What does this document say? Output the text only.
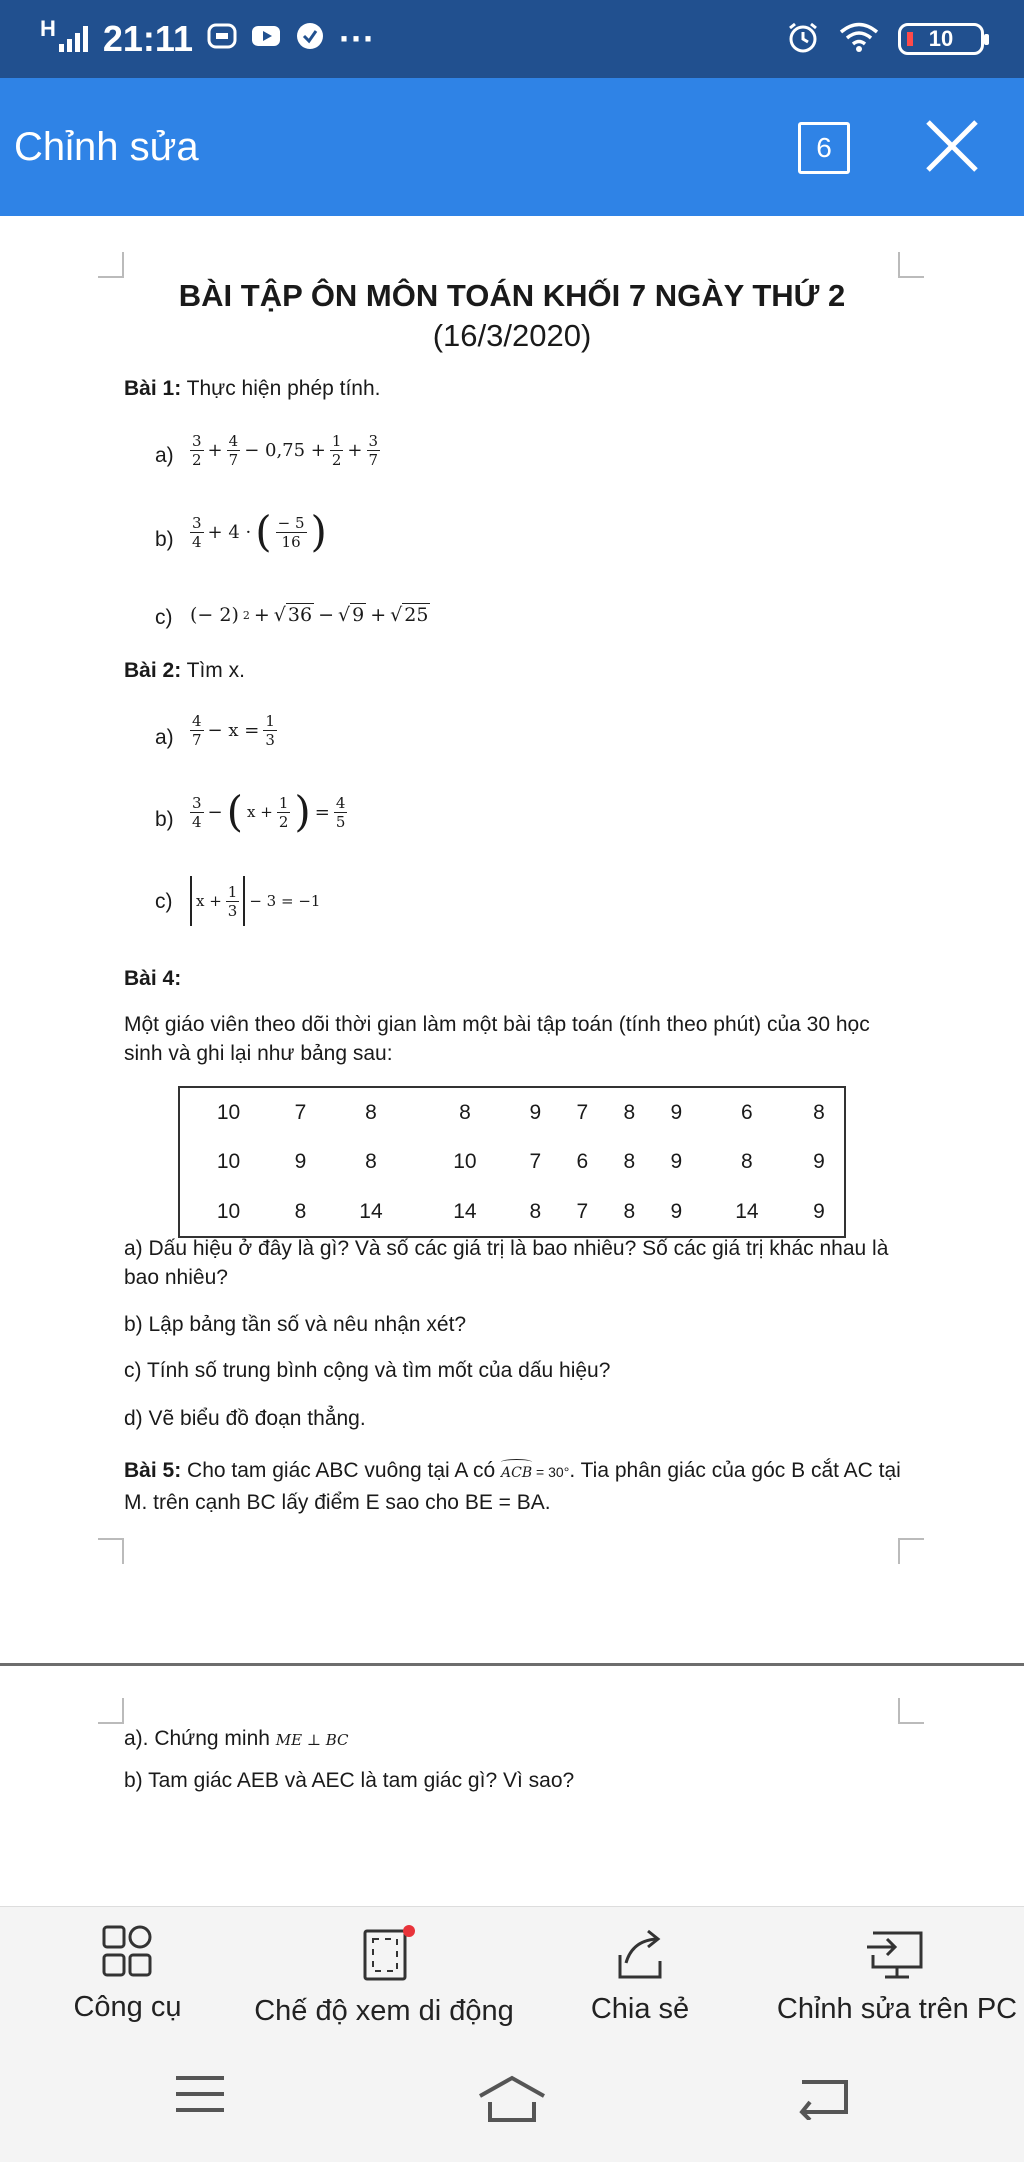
H 21:11	···	10
Chỉnh sửa	6
BÀI TẬP ÔN MÔN TOÁN KHỐI 7 NGÀY THỨ 2
(16/3/2020)
Bài 1: Thực hiện phép tính.
$a) \frac{3}{2} + \frac{4}{7} - 0,75 + \frac{1}{2} + \frac{3}{7}$
$b) \frac{3}{4} + 4$ · ( $\frac{- 5}{16}$ )
c) (− 2) 2 + √ 36 − √ 9 + √ 25
Bài 2: Tìm x.
$a) \frac{4}{7} - x = \frac{1}{3}$
$b) \frac{3}{4}$ − ( $x + \frac{1}{2}$ ) = $\frac{4}{5}$
c) $x + \frac{1}{3} - 3 = -1$
Bài 4:
Một giáo viên theo dõi thời gian làm một bài tập toán (tính theo phút) của 30 học sinh và ghi lại như bảng sau:
10	7	8	8	9	7	8	9	6	8
10	9	8	10	7	6	8	9	8	9
10	8	14	14	8	7	8	9	14	9
a) Dấu hiệu ở đây là gì? Và số các giá trị là bao nhiêu? Số các giá trị khác nhau là bao nhiêu?
b) Lập bảng tần số và nêu nhận xét?
c) Tính số trung bình cộng và tìm mốt của dấu hiệu?
d) Vẽ biểu đồ đoạn thẳng.
Bài 5: Cho tam giác ABC vuông tại A có
ACB = 30°. Tia phân giác của góc B cắt AC tại M. trên cạnh BC lấy điểm E sao cho BE = BA.
a). Chứng minh ME ⊥ BC
b) Tam giác AEB và AEC là tam giác gì? Vì sao?
Công cụ	Chế độ xem di động	Chia sẻ	Chỉnh sửa trên PC
